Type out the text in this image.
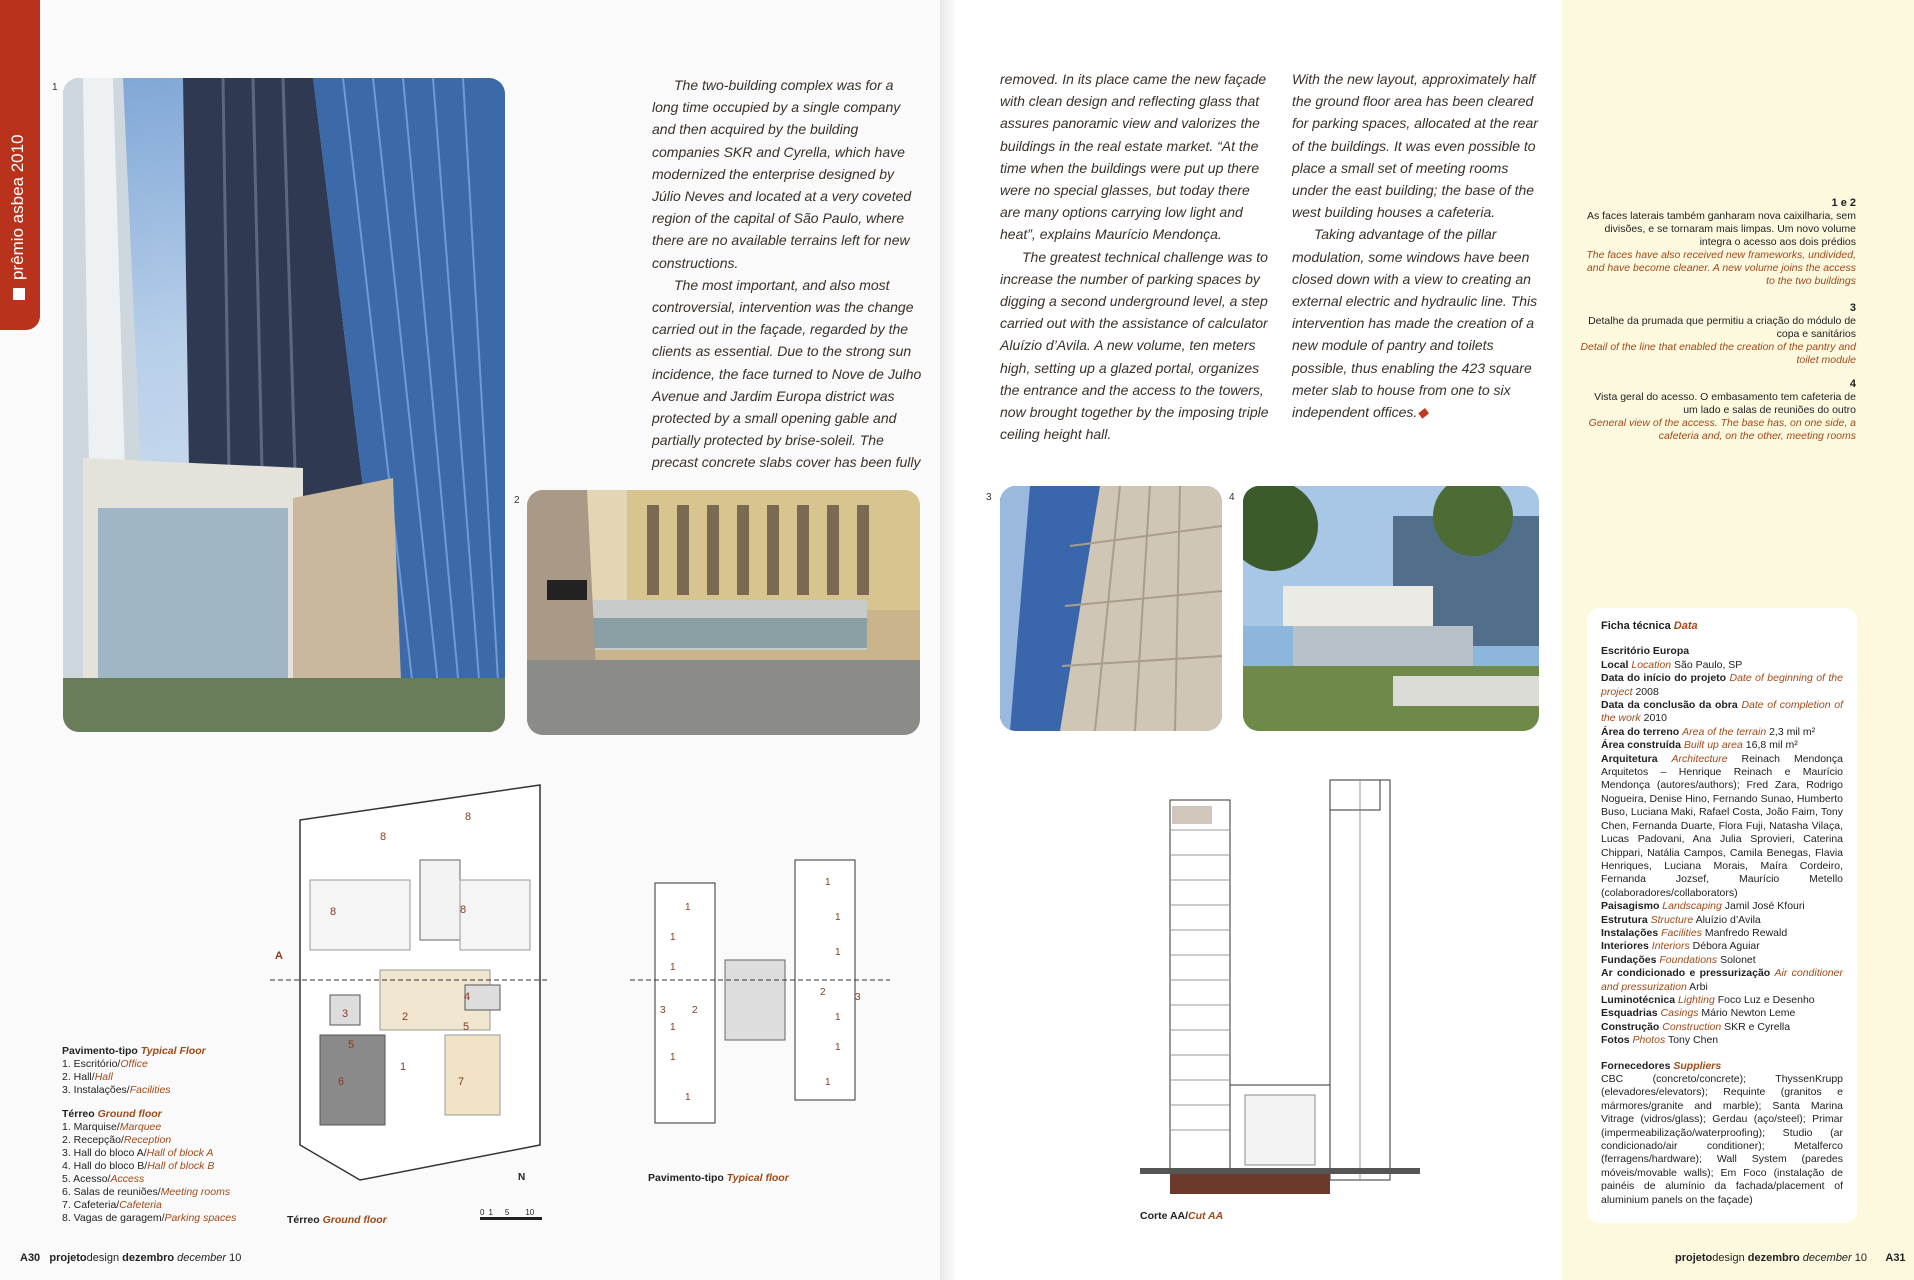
prêmio asbea 2010
1
2

The two-building complex was for a long time occupied by a single company and then acquired by the building companies SKR and Cyrella, which have modernized the enterprise designed by Júlio Neves and located at a very coveted region of the capital of São Paulo, where there are no available terrains left for new constructions.

The most important, and also most controversial, intervention was the change carried out in the façade, regarded by the clients as essential. Due to the strong sun incidence, the face turned to Nove de Julho Avenue and Jardim Europa district was protected by a small opening gable and partially protected by brise-soleil. The precast concrete slabs cover has been fully

8	8
8
8
1
2
3
4
5
5
6	7
A
Térreo Ground floor
0 1 5 10
N
1
1
1
1
1
1
1
1
1
1
1
1
2
2
3
3
Pavimento-tipo Typical floor
Pavimento-tipo Typical Floor
1. Escritório/Office
2. Hall/Hall
3. Instalações/Facilities
Térreo Ground floor
1. Marquise/Marquee
2. Recepção/Reception
3. Hall do bloco A/Hall of block A
4. Hall do bloco B/Hall of block B
5. Acesso/Access
6. Salas de reuniões/Meeting rooms
7. Cafeteria/Cafeteria
8. Vagas de garagem/Parking spaces
A30 projetodesign dezembro december 10

removed. In its place came the new façade with clean design and reflecting glass that assures panoramic view and valorizes the buildings in the real estate market. “At the time when the buildings were put up there were no special glasses, but today there are many options carrying low light and heat”, explains Maurício Mendonça.

The greatest technical challenge was to increase the number of parking spaces by digging a second underground level, a step carried out with the assistance of calculator Aluízio d’Avila. A new volume, ten meters high, setting up a glazed portal, organizes the entrance and the access to the towers, now brought together by the imposing triple ceiling height hall.

With the new layout, approximately half the ground floor area has been cleared for parking spaces, allocated at the rear of the buildings. It was even possible to place a small set of meeting rooms under the east building; the base of the west building houses a cafeteria.

Taking advantage of the pillar modulation, some windows have been closed down with a view to creating an external electric and hydraulic line. This intervention has made the creation of a new module of pantry and toilets possible, thus enabling the 423 square meter slab to house from one to six independent offices.◆

3	4
1 e 2
As faces laterais também ganharam nova caixilharia, sem divisões, e se tornaram mais limpas. Um novo volume integra o acesso aos dois prédios
The faces have also received new frameworks, undivided, and have become cleaner. A new volume joins the access to the two buildings
3
Detalhe da prumada que permitiu a criação do módulo de copa e sanitários
Detail of the line that enabled the creation of the pantry and toilet module
4
Vista geral do acesso. O embasamento tem cafeteria de um lado e salas de reuniões do outro
General view of the access. The base has, on one side, a cafeteria and, on the other, meeting rooms
Corte AA/Cut AA
Ficha técnica Data
Escritório Europa
Local Location São Paulo, SP
Data do início do projeto Date of beginning of the project 2008
Data da conclusão da obra Date of completion of the work 2010
Área do terreno Area of the terrain 2,3 mil m²
Área construída Built up area 16,8 mil m²
Arquitetura Architecture Reinach Mendonça Arquitetos – Henrique Reinach e Maurício Mendonça (autores/authors); Fred Zara, Rodrigo Nogueira, Denise Hino, Fernando Sunao, Humberto Buso, Luciana Maki, Rafael Costa, João Faim, Tony Chen, Fernanda Duarte, Flora Fuji, Natasha Vilaça, Lucas Padovani, Ana Julia Sprovieri, Caterina Chippari, Natália Campos, Camila Benegas, Flavia Henriques, Luciana Morais, Maíra Cordeiro, Fernanda Jozsef, Maurício Metello (colaboradores/collaborators)
Paisagismo Landscaping Jamil José Kfouri
Estrutura Structure Aluízio d’Avila
Instalações Facilities Manfredo Rewald
Interiores Interiors Débora Aguiar
Fundações Foundations Solonet
Ar condicionado e pressurização Air conditioner and pressurization Arbi
Luminotécnica Lighting Foco Luz e Desenho
Esquadrias Casings Mário Newton Leme
Construção Construction SKR e Cyrella
Fotos Photos Tony Chen
Fornecedores Suppliers
CBC (concreto/concrete); ThyssenKrupp (elevadores/elevators); Requinte (granitos e mármores/granite and marble); Santa Marina Vitrage (vidros/glass); Gerdau (aço/steel); Primar (impermeabilização/waterproofing); Studio (ar condicionado/air conditioner); Metalferco (ferragens/hardware); Wall System (paredes móveis/movable walls); Em Foco (instalação de painéis de alumínio da fachada/placement of aluminium panels on the façade)
projetodesign dezembro december 10 A31
